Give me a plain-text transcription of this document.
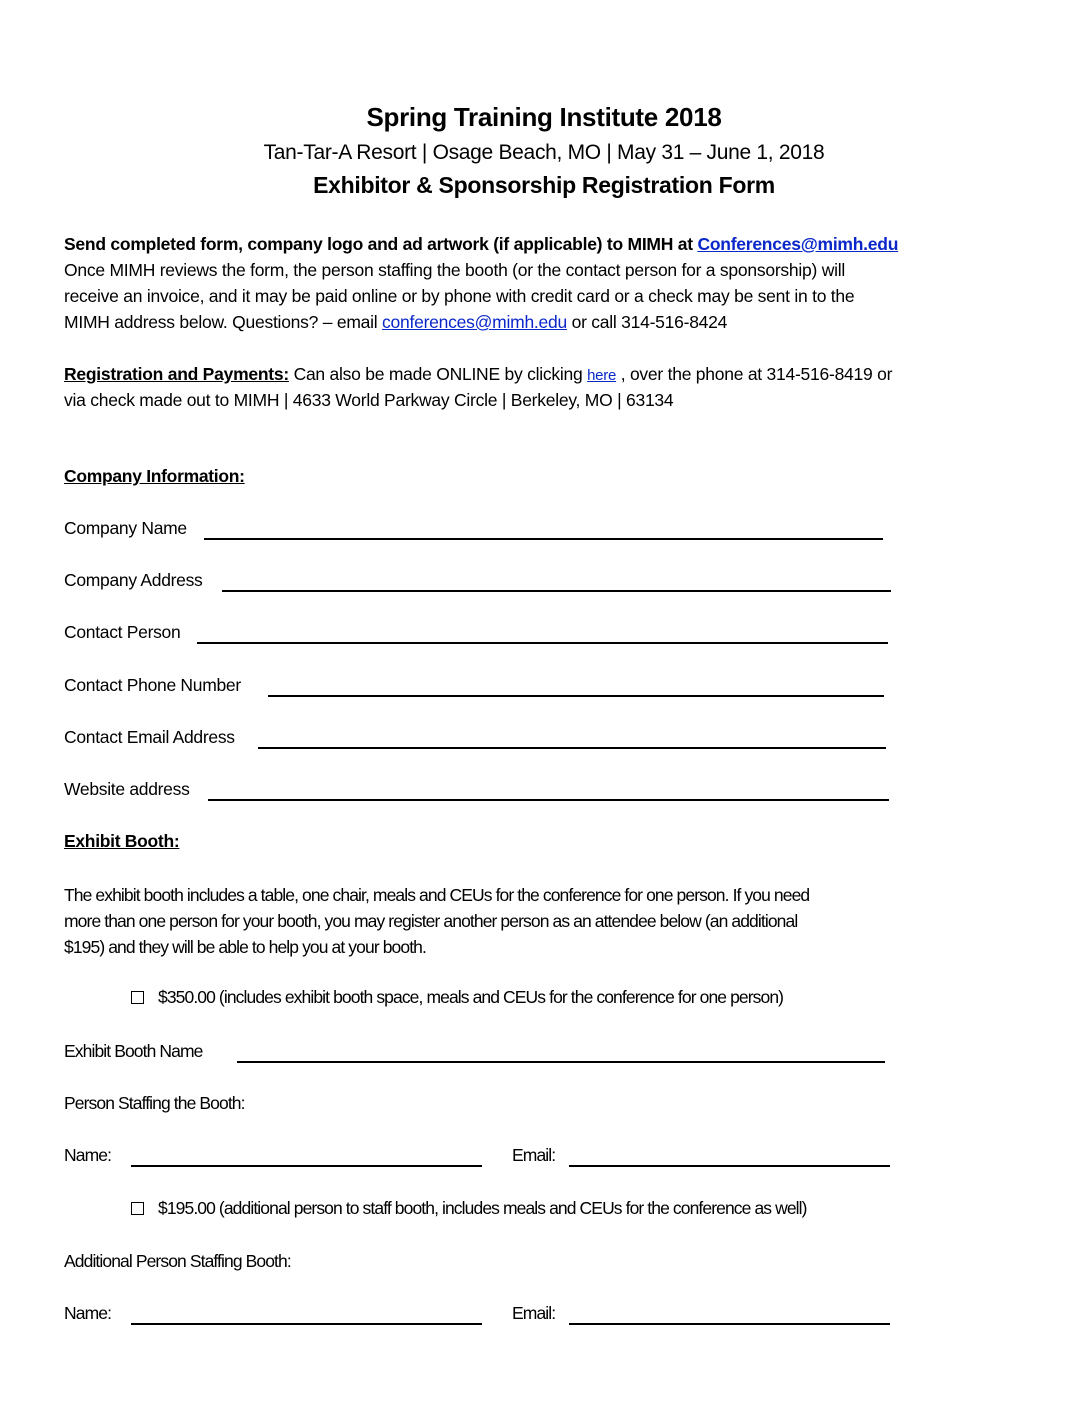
Spring Training Institute 2018
Tan-Tar-A Resort | Osage Beach, MO | May 31 – June 1, 2018
Exhibitor & Sponsorship Registration Form
Send completed form, company logo and ad artwork (if applicable) to MIMH at Conferences@mimh.edu
Once MIMH reviews the form, the person staffing the booth (or the contact person for a sponsorship) will
receive an invoice, and it may be paid online or by phone with credit card or a check may be sent in to the
MIMH address below. Questions? – email conferences@mimh.edu or call 314-516-8424
Registration and Payments: Can also be made ONLINE by clicking here , over the phone at 314-516-8419 or
via check made out to MIMH | 4633 World Parkway Circle | Berkeley, MO | 63134
Company Information:
Company Name
Company Address
Contact Person
Contact Phone Number
Contact Email Address
Website address
Exhibit Booth:
The exhibit booth includes a table, one chair, meals and CEUs for the conference for one person. If you need
more than one person for your booth, you may register another person as an attendee below (an additional
$195) and they will be able to help you at your booth.
$350.00 (includes exhibit booth space, meals and CEUs for the conference for one person)
Exhibit Booth Name
Person Staffing the Booth:
Name:	Email:
$195.00 (additional person to staff booth, includes meals and CEUs for the conference as well)
Additional Person Staffing Booth:
Name:	Email:
